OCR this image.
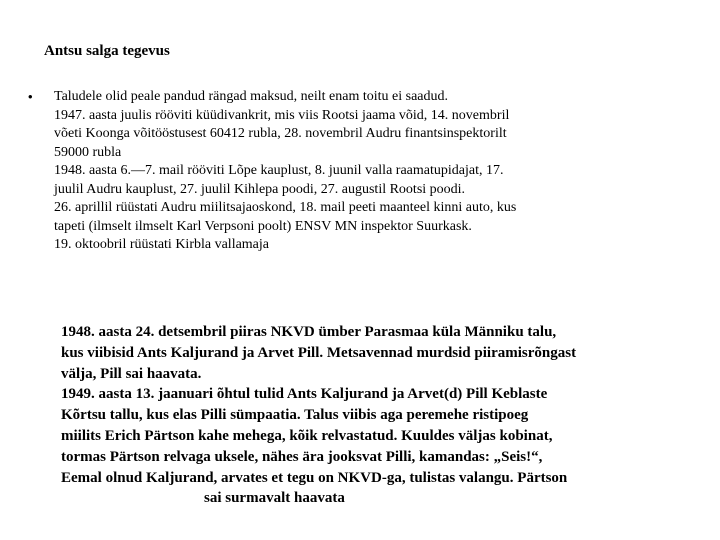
Antsu salga tegevus
• Taludele olid peale pandud rängad maksud, neilt enam toitu ei saadud.
1947. aasta juulis rööviti küüdivankrit, mis viis Rootsi jaama võid, 14. novembril
võeti Koonga võitööstusest 60412 rubla, 28. novembril Audru finantsinspektorilt
59000 rubla
1948. aasta 6.—7. mail rööviti Lõpe kauplust, 8. juunil valla raamatupidajat, 17.
juulil Audru kauplust, 27. juulil Kihlepa poodi, 27. augustil Rootsi poodi.
26. aprillil rüüstati Audru miilitsajaoskond, 18. mail peeti maanteel kinni auto, kus
tapeti (ilmselt ilmselt Karl Verpsoni poolt) ENSV MN inspektor Suurkask.
19. oktoobril rüüstati Kirbla vallamaja
1948. aasta 24. detsembril piiras NKVD ümber Parasmaa küla Männiku talu,
kus viibisid Ants Kaljurand ja Arvet Pill. Metsavennad murdsid piiramisrõngast
välja, Pill sai haavata.
1949. aasta 13. jaanuari õhtul tulid Ants Kaljurand ja Arvet(d) Pill Keblaste
Kõrtsu tallu, kus elas Pilli sümpaatia. Talus viibis aga peremehe ristipoeg
miilits Erich Pärtson kahe mehega, kõik relvastatud. Kuuldes väljas kobinat,
tormas Pärtson relvaga uksele, nähes ära jooksvat Pilli, kamandas: „Seis!“,
Eemal olnud Kaljurand, arvates et tegu on NKVD-ga, tulistas valangu. Pärtson
sai surmavalt haavata
